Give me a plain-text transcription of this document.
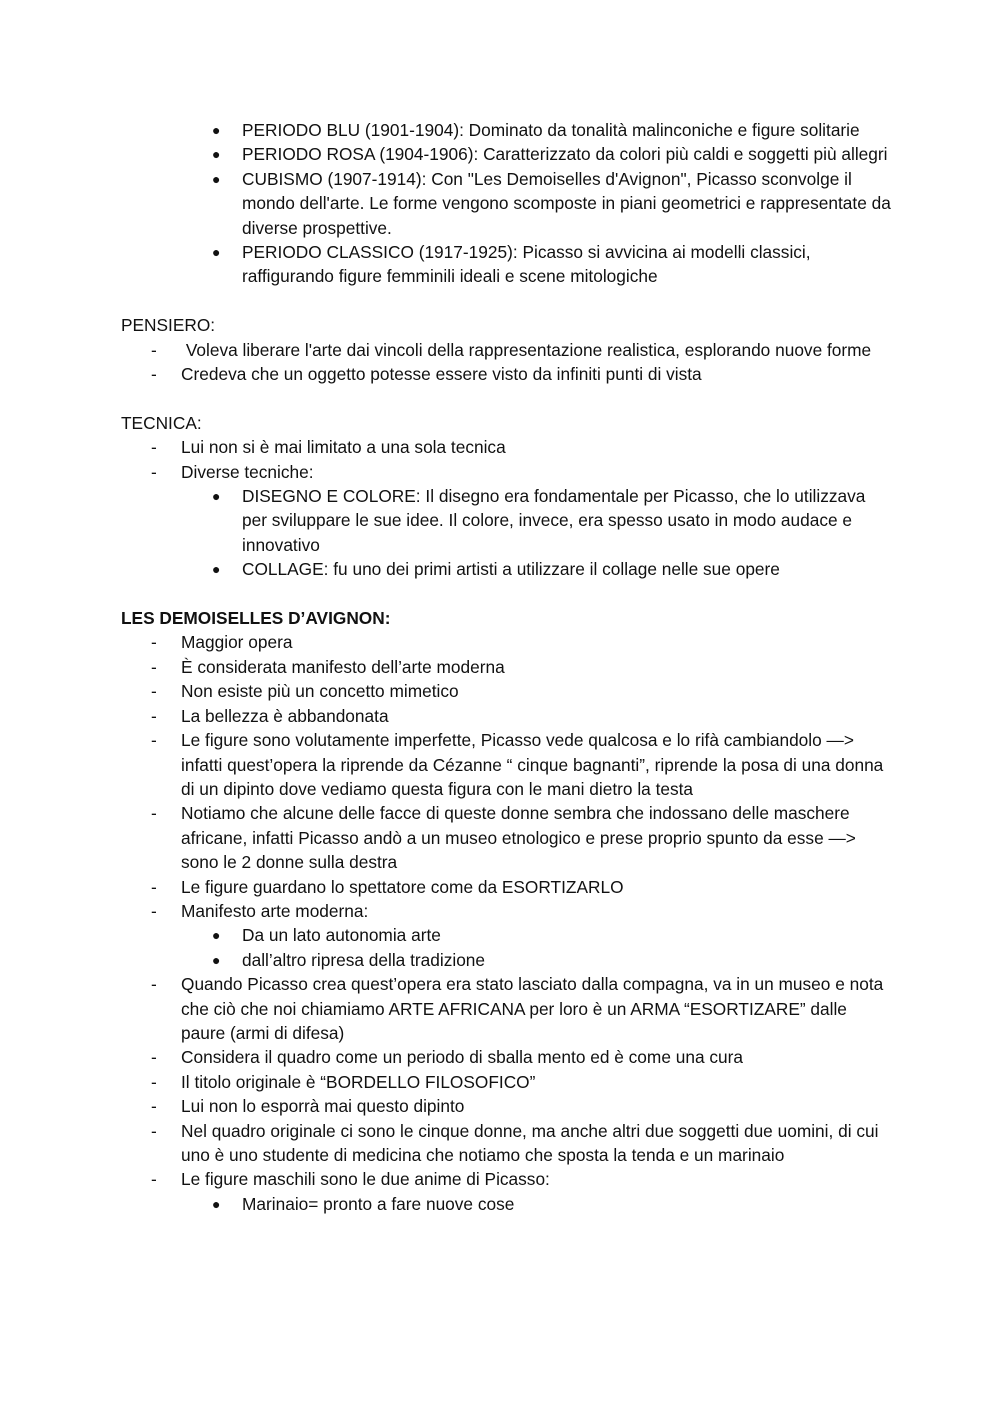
● PERIODO BLU (1901-1904): Dominato da tonalità malinconiche e figure solitarie
● PERIODO ROSA (1904-1906): Caratterizzato da colori più caldi e soggetti più allegri
● CUBISMO (1907-1914): Con "Les Demoiselles d'Avignon", Picasso sconvolge il mondo dell'arte. Le forme vengono scomposte in piani geometrici e rappresentate da diverse prospettive.
● PERIODO CLASSICO (1917-1925): Picasso si avvicina ai modelli classici, raffigurando figure femminili ideali e scene mitologiche

PENSIERO:

- Voleva liberare l'arte dai vincoli della rappresentazione realistica, esplorando nuove forme
- Credeva che un oggetto potesse essere visto da infiniti punti di vista

TECNICA:

- Lui non si è mai limitato a una sola tecnica
- Diverse tecniche:
● DISEGNO E COLORE: Il disegno era fondamentale per Picasso, che lo utilizzava per sviluppare le sue idee. Il colore, invece, era spesso usato in modo audace e innovativo
● COLLAGE: fu uno dei primi artisti a utilizzare il collage nelle sue opere

LES DEMOISELLES D’AVIGNON:

- Maggior opera
- È considerata manifesto dell’arte moderna
- Non esiste più un concetto mimetico
- La bellezza è abbandonata
- Le figure sono volutamente imperfette, Picasso vede qualcosa e lo rifà cambiandolo —> infatti quest’opera la riprende da Cézanne “ cinque bagnanti”, riprende la posa di una donna di un dipinto dove vediamo questa figura con le mani dietro la testa
- Notiamo che alcune delle facce di queste donne sembra che indossano delle maschere africane, infatti Picasso andò a un museo etnologico e prese proprio spunto da esse —> sono le 2 donne sulla destra
- Le figure guardano lo spettatore come da ESORTIZARLO
- Manifesto arte moderna:
● Da un lato autonomia arte
● dall’altro ripresa della tradizione
- Quando Picasso crea quest’opera era stato lasciato dalla compagna, va in un museo e nota che ciò che noi chiamiamo ARTE AFRICANA per loro è un ARMA “ESORTIZARE” dalle paure (armi di difesa)
- Considera il quadro come un periodo di sballa mento ed è come una cura
- Il titolo originale è “BORDELLO FILOSOFICO”
- Lui non lo esporrà mai questo dipinto
- Nel quadro originale ci sono le cinque donne, ma anche altri due soggetti due uomini, di cui uno è uno studente di medicina che notiamo che sposta la tenda e un marinaio
- Le figure maschili sono le due anime di Picasso:
● Marinaio= pronto a fare nuove cose
